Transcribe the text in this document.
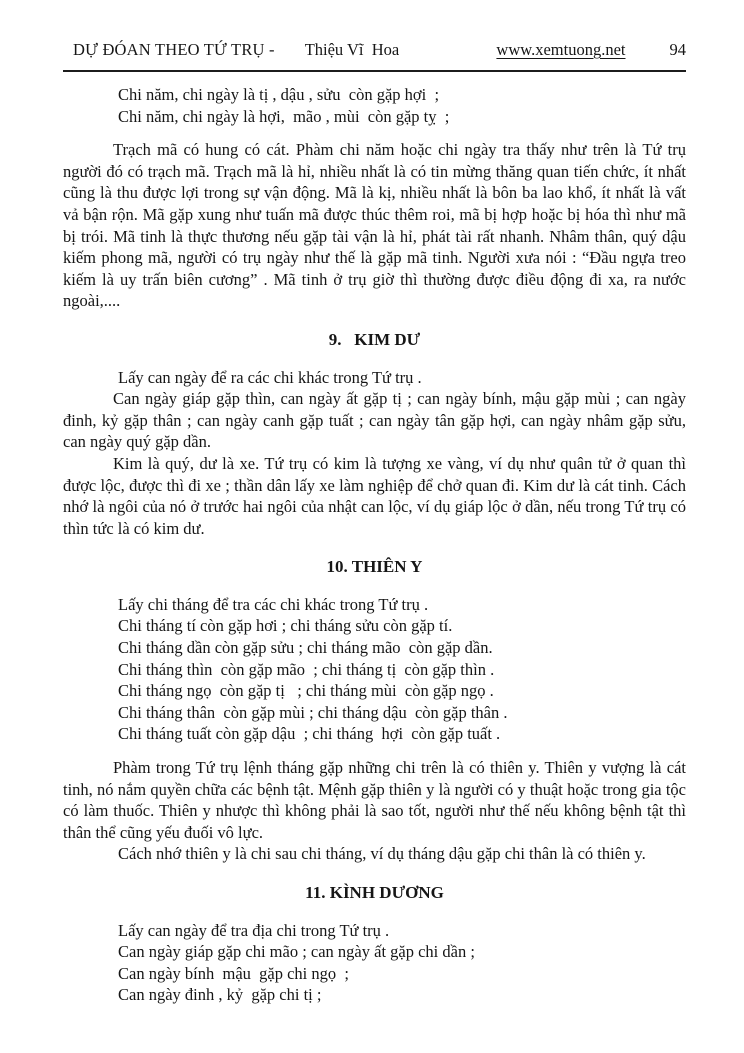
DỰ ĐÓAN THEO TỨ TRỤ - Thiệu Vĩ  Hoa	www.xemtuong.net	94
Chi năm, chi ngày là tị , dậu , sửu  còn gặp hợi  ;
Chi năm, chi ngày là hợi,  mão , mùi  còn gặp tỵ  ;

Trạch mã có hung có cát. Phàm chi năm hoặc chi ngày tra thấy như trên là Tứ trụ người đó có trạch mã. Trạch mã là hỉ, nhiều nhất là có tin mừng thăng quan tiến chức, ít nhất cũng là thu được lợi trong sự vận động. Mã là kị, nhiều nhất là bôn ba lao khổ, ít nhất là vất vả bận rộn. Mã gặp xung như tuấn mã được thúc thêm roi, mã bị hợp hoặc bị hóa thì như mã bị trói. Mã tinh là thực thương nếu gặp tài vận là hỉ, phát tài rất nhanh. Nhâm thân, quý dậu kiếm phong mã, người có trụ ngày như thế là gặp mã tinh. Người xưa nói : “Đầu ngựa treo kiếm là uy trấn biên cương” . Mã tinh ở trụ giờ thì thường được điều động đi xa, ra nước ngoài,....

9.   KIM DƯ
Lấy can ngày để ra các chi khác trong Tứ trụ .

Can ngày giáp gặp thìn, can ngày ất gặp tị ; can ngày bính, mậu gặp mùi ; can ngày đinh, kỷ gặp thân ; can ngày canh gặp tuất ; can ngày tân gặp hợi, can ngày nhâm gặp sửu, can ngày quý gặp dần.

Kim là quý, dư là xe. Tứ trụ có kim là tượng xe vàng, ví dụ như quân tử ở quan thì được lộc, được thì đi xe ; thần dân lấy xe làm nghiệp để chở quan đi. Kim dư là cát tinh. Cách nhớ là ngôi của nó ở trước hai ngôi của nhật can lộc, ví dụ giáp lộc ở dần, nếu trong Tứ trụ có thìn tức là có kim dư.

10. THIÊN Y
Lấy chi tháng để tra các chi khác trong Tứ trụ .
Chi tháng tí còn gặp hơi ; chi tháng sửu còn gặp tí.
Chi tháng dần còn gặp sửu ; chi tháng mão  còn gặp dần.
Chi tháng thìn  còn gặp mão  ; chi tháng tị  còn gặp thìn .
Chi tháng ngọ  còn gặp tị   ; chi tháng mùi  còn gặp ngọ .
Chi tháng thân  còn gặp mùi ; chi tháng dậu  còn gặp thân .
Chi tháng tuất còn gặp dậu  ; chi tháng  hợi  còn gặp tuất .

Phàm trong Tứ trụ lệnh tháng gặp những chi trên là có thiên y. Thiên y vượng là cát tinh, nó nắm quyền chữa các bệnh tật. Mệnh gặp thiên y là người có y thuật hoặc trong gia tộc có làm thuốc. Thiên y nhược thì không phải là sao tốt, người như thế nếu không bệnh tật thì thân thể cũng yếu đuối vô lực.

Cách nhớ thiên y là chi sau chi tháng, ví dụ tháng dậu gặp chi thân là có thiên y.
11. KÌNH DƯƠNG
Lấy can ngày để tra địa chi trong Tứ trụ .
Can ngày giáp gặp chi mão ; can ngày ất gặp chi dần ;
Can ngày bính  mậu  gặp chi ngọ  ;
Can ngày đinh , kỷ  gặp chi tị ;
